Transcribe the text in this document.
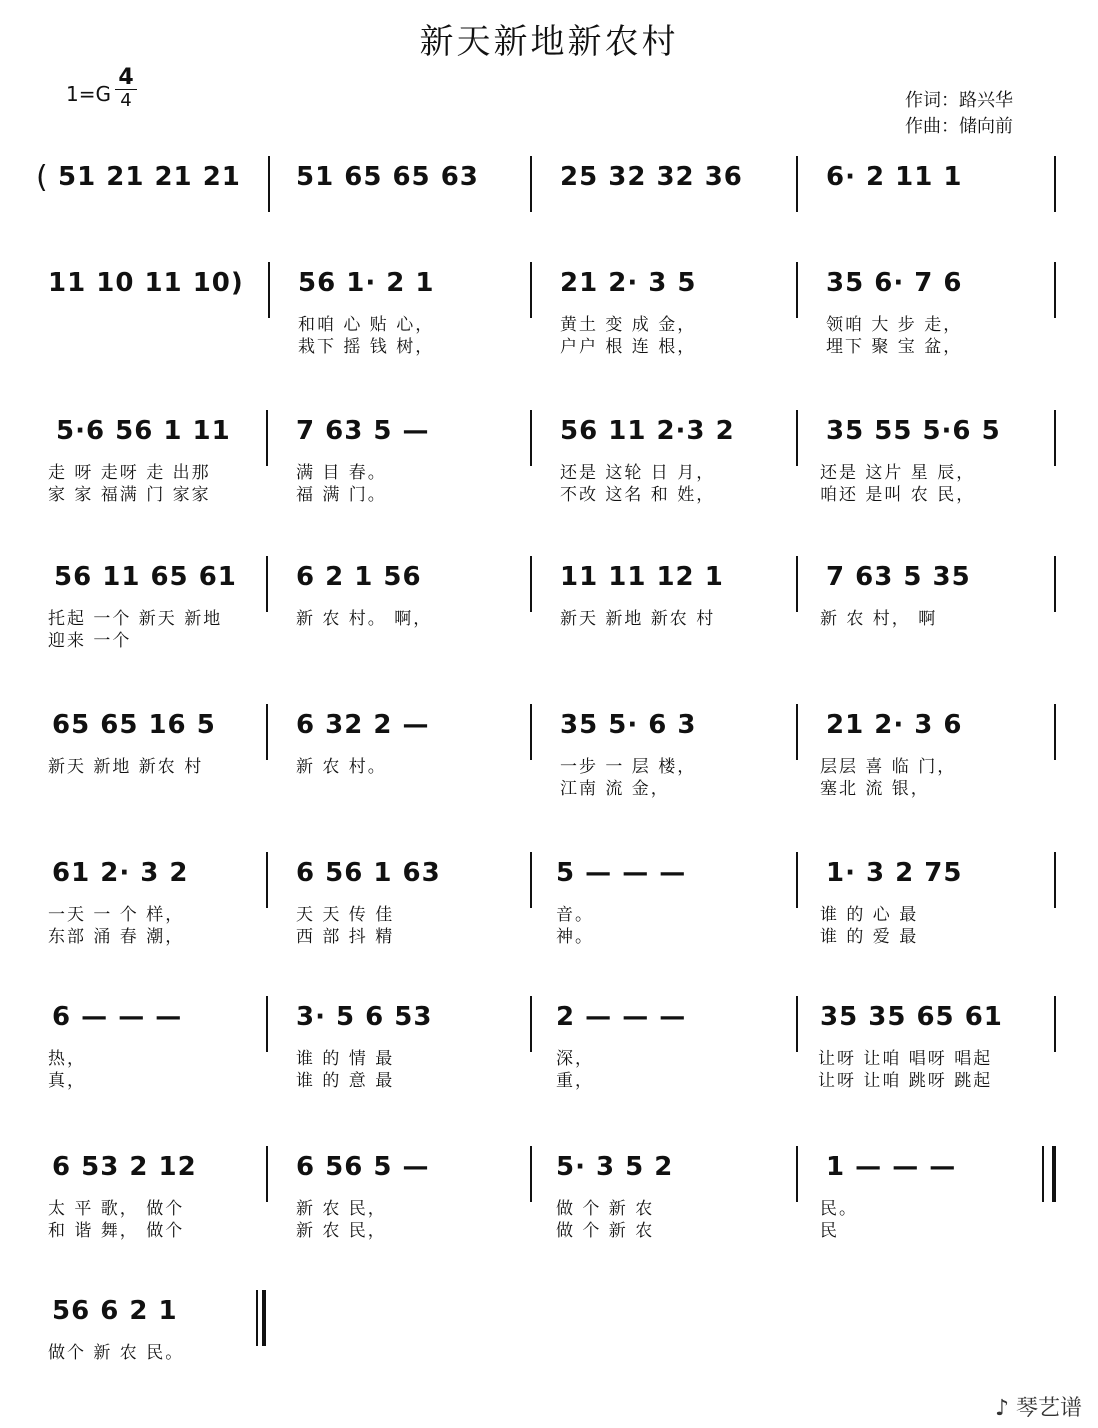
新天新地新农村
1=G
4
4	作词：路兴华
作曲：储向前
( 51 21 21 21 51 65 65 63	25 32 32 36	6· 2 11 1
11 10 11 10) 56 1· 2 1
和咱 心 贴 心，
栽下 摇 钱 树，
21 2· 3 5
黄土 变 成 金，
户户 根 连 根，
35 6· 7 6
领咱 大 步 走，
埋下 聚 宝 盆，
5·6 56 1 11
走 呀 走呀 走 出那
家 家 福满 门 家家
7 63 5 —
满 目 春。
福 满 门。
56 11 2·3 2
还是 这轮 日 月，
不改 这名 和 姓，
35 55 5·6 5
还是 这片 星 辰，
咱还 是叫 农 民，
56 11 65 61
托起 一个 新天 新地
迎来 一个
6 2 1 56
新 农 村。 啊，
11 11 12 1
新天 新地 新农 村
7 63 5 35
新 农 村， 啊
65 65 16 5
新天 新地 新农 村
6 32 2 —
新 农 村。
35 5· 6 3
一步 一 层 楼，
江南 流 金，
21 2· 3 6
层层 喜 临 门，
塞北 流 银，
61 2· 3 2
一天 一 个 样，
东部 涌 春 潮，
6 56 1 63
天 天 传 佳
西 部 抖 精
5 — — —
音。
神。
1· 3 2 75
谁 的 心 最
谁 的 爱 最
6 — — —
热，
真，
3· 5 6 53
谁 的 情 最
谁 的 意 最
2 — — —
深，
重，
35 35 65 61
让呀 让咱 唱呀 唱起
让呀 让咱 跳呀 跳起
6 53 2 12
太 平 歌， 做个
和 谐 舞， 做个
6 56 5 —
新 农 民，
新 农 民，
5· 3 5 2
做 个 新 农
做 个 新 农
1 — — —
民。
民
56 6 2 1
做个 新 农 民。
♪ 琴艺谱
